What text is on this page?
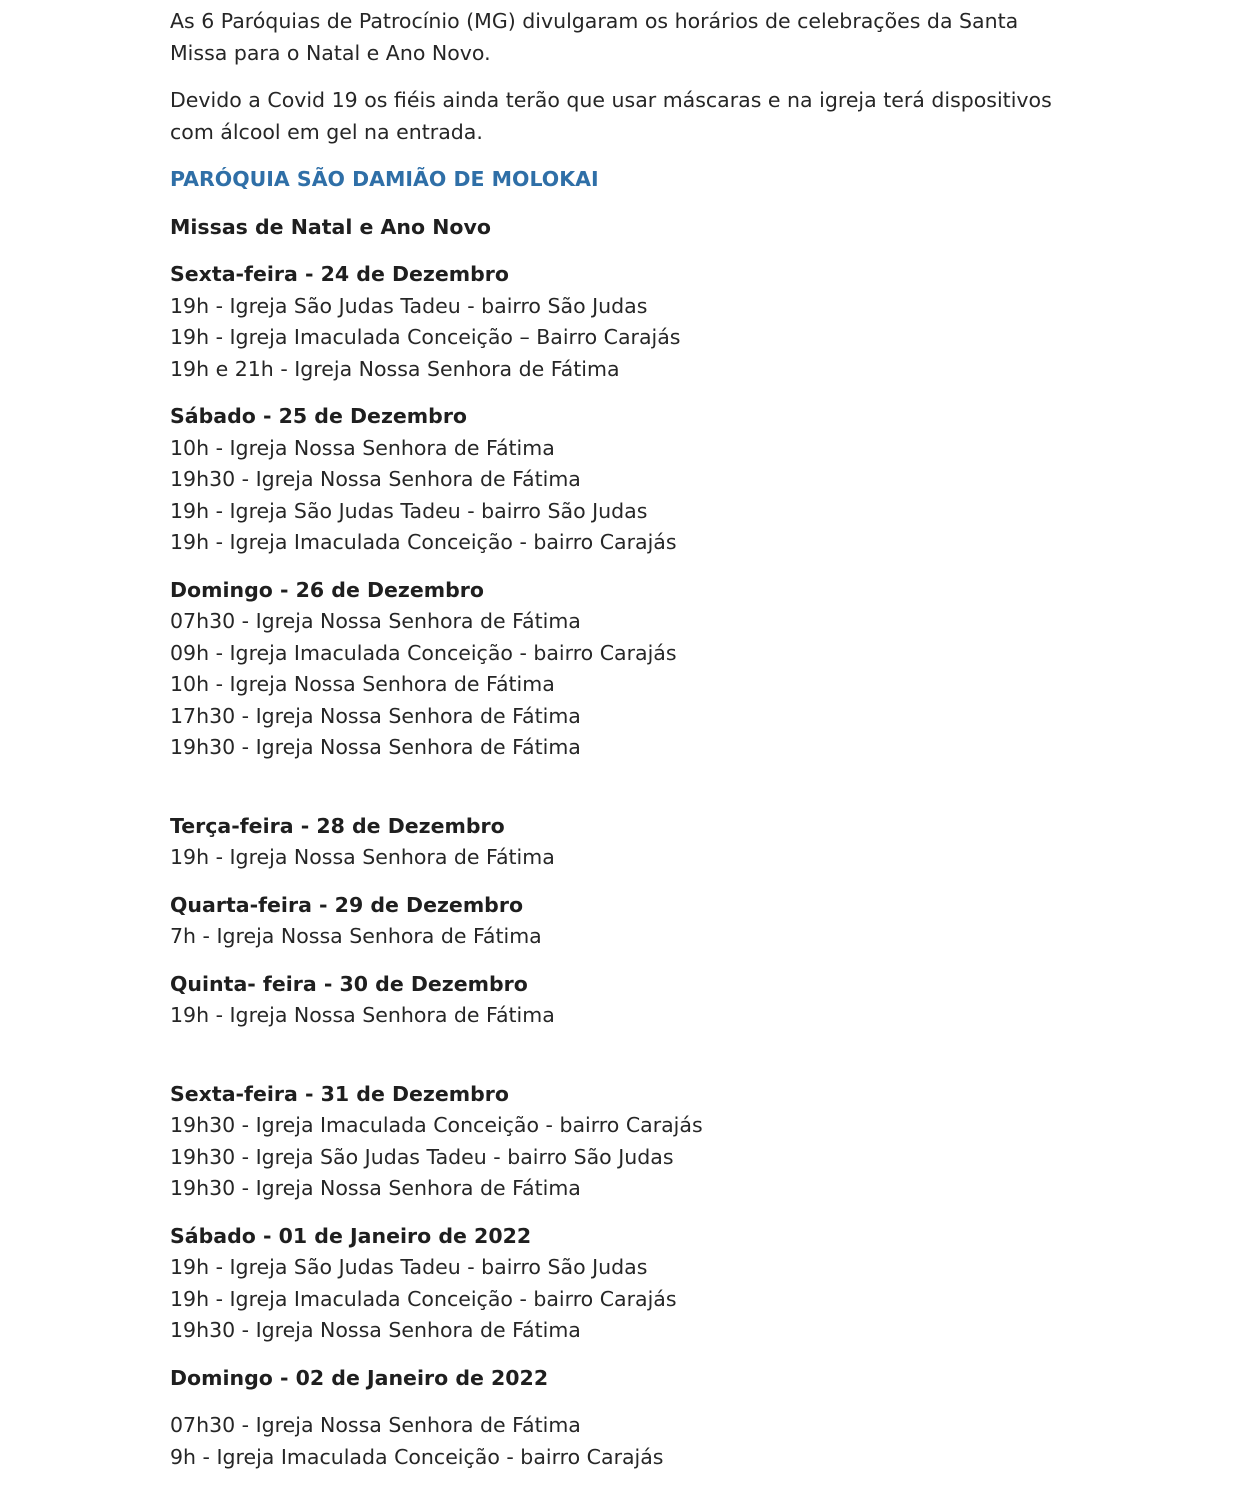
As 6 Paróquias de Patrocínio (MG) divulgaram os horários de celebrações da Santa Missa para o Natal e Ano Novo.

Devido a Covid 19 os fiéis ainda terão que usar máscaras e na igreja terá dispositivos com álcool em gel na entrada.

PARÓQUIA SÃO DAMIÃO DE MOLOKAI
Missas de Natal e Ano Novo
Sexta-feira - 24 de Dezembro
19h - Igreja São Judas Tadeu - bairro São Judas
19h - Igreja Imaculada Conceição – Bairro Carajás
19h e 21h - Igreja Nossa Senhora de Fátima
Sábado - 25 de Dezembro
10h - Igreja Nossa Senhora de Fátima
19h30 - Igreja Nossa Senhora de Fátima
19h - Igreja São Judas Tadeu - bairro São Judas
19h - Igreja Imaculada Conceição - bairro Carajás
Domingo - 26 de Dezembro
07h30 - Igreja Nossa Senhora de Fátima
09h - Igreja Imaculada Conceição - bairro Carajás
10h - Igreja Nossa Senhora de Fátima
17h30 - Igreja Nossa Senhora de Fátima
19h30 - Igreja Nossa Senhora de Fátima
Terça-feira - 28 de Dezembro
19h - Igreja Nossa Senhora de Fátima
Quarta-feira - 29 de Dezembro
7h - Igreja Nossa Senhora de Fátima
Quinta- feira - 30 de Dezembro
19h - Igreja Nossa Senhora de Fátima
Sexta-feira - 31 de Dezembro
19h30 - Igreja Imaculada Conceição - bairro Carajás
19h30 - Igreja São Judas Tadeu - bairro São Judas
19h30 - Igreja Nossa Senhora de Fátima
Sábado - 01 de Janeiro de 2022
19h - Igreja São Judas Tadeu - bairro São Judas
19h - Igreja Imaculada Conceição - bairro Carajás
19h30 - Igreja Nossa Senhora de Fátima
Domingo - 02 de Janeiro de 2022
07h30 - Igreja Nossa Senhora de Fátima
9h - Igreja Imaculada Conceição - bairro Carajás
